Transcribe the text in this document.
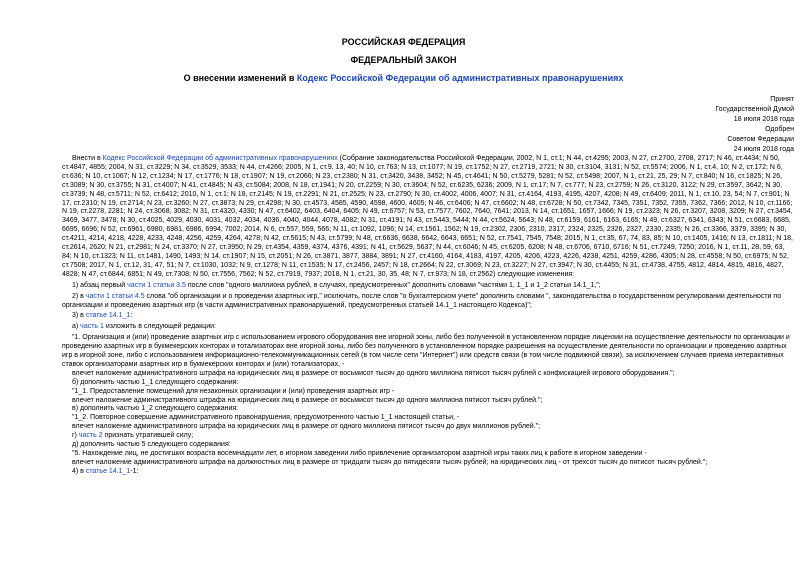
РОССИЙСКАЯ ФЕДЕРАЦИЯ
ФЕДЕРАЛЬНЫЙ ЗАКОН
О внесении изменений в Кодекс Российской Федерации об административных правонарушениях
Принят
Государственной Думой
18 июля 2018 года
Одобрен
Советом Федерации
24 июля 2018 года

Внести в Кодекс Российской Федерации об административных правонарушениях (Собрание законодательства Российской Федерации, 2002, N 1, ст.1; N 44, ст.4295; 2003, N 27, ст.2700, 2708, 2717; N 46, ст.4434; N 50, ст.4847, 4855; 2004, N 31, ст.3229; N 34, ст.3529, 3533; N 44, ст.4266; 2005, N 1, ст.9, 13, 40; N 10, ст.763; N 13, ст.1077; N 19, ст.1752; N 27, ст.2719, 2721; N 30, ст.3104, 3131; N 52, ст.5574; 2006, N 1, ст.4, 10; N 2, ст.172; N 6, ст.636; N 10, ст.1067; N 12, ст.1234; N 17, ст.1776; N 18, ст.1907; N 19, ст.2066; N 23, ст.2380; N 31, ст.3420, 3438, 3452; N 45, ст.4641; N 50, ст.5279, 5281; N 52, ст.5498; 2007, N 1, ст.21, 25, 29; N 7, ст.840; N 16, ст.1825; N 26, ст.3089; N 30, ст.3755; N 31, ст.4007; N 41, ст.4845; N 43, ст.5084; 2008, N 18, ст.1941; N 20, ст.2259; N 30, ст.3604; N 52, ст.6235, 6236; 2009, N 1, ст.17; N 7, ст.777; N 23, ст.2759; N 26, ст.3120, 3122; N 29, ст.3597, 3642; N 30, ст.3739; N 48, ст.5711; N 52, ст.6412; 2010, N 1, ст.1; N 18, ст.2145; N 19, ст.2291; N 21, ст.2525; N 23, ст.2790; N 30, ст.4002, 4006, 4007; N 31, ст.4164, 4193, 4195, 4207, 4208; N 49, ст.6409; 2011, N 1, ст.10, 23, 54; N 7, ст.901; N 17, ст.2310; N 19, ст.2714; N 23, ст.3260; N 27, ст.3873; N 29, ст.4298; N 30, ст.4573, 4585, 4590, 4598, 4600, 4605; N 46, ст.6406; N 47, ст.6602; N 48, ст.6728; N 50, ст.7342, 7345, 7351, 7352, 7355, 7362, 7366; 2012, N 10, ст.1166; N 19, ст.2278, 2281; N 24, ст.3068, 3082; N 31, ст.4320, 4330; N 47, ст.6402, 6403, 6404, 6405; N 49, ст.6757; N 53, ст.7577, 7602, 7640, 7641; 2013, N 14, ст.1651, 1657, 1666; N 19, ст.2323; N 26, ст.3207, 3208, 3209; N 27, ст.3454, 3469, 3477, 3478; N 30, ст.4025, 4029, 4030, 4031, 4032, 4034, 4036, 4040, 4044, 4078, 4082; N 31, ст.4191; N 43, ст.5443, 5444; N 44, ст.5624, 5643; N 48, ст.6159, 6161, 6163, 6165; N 49, ст.6327, 6341, 6343; N 51, ст.6683, 6685, 6695, 6696; N 52, ст.6961, 6980, 6981, 6986, 6994, 7002; 2014, N 6, ст.557, 559, 566; N 11, ст.1092, 1096; N 14, ст.1561, 1562; N 19, ст.2302, 2306, 2310, 2317, 2324, 2325, 2326, 2327, 2330, 2335; N 26, ст.3366, 3379, 3395; N 30, ст.4211, 4214, 4218, 4228, 4233, 4248, 4256, 4259, 4264, 4278; N 42, ст.5615; N 43, ст.5799; N 48, ст.6636, 6638, 6642, 6643, 6651; N 52, ст.7541, 7545, 7548; 2015, N 1, ст.35, 67, 74, 83, 85; N 10, ст.1405, 1416; N 13, ст.1811; N 18, ст.2614, 2620; N 21, ст.2981; N 24, ст.3370; N 27, ст.3950; N 29, ст.4354, 4359, 4374, 4376, 4391; N 41, ст.5629, 5637; N 44, ст.6046; N 45, ст.6205, 6208; N 48, ст.6706, 6710, 6716; N 51, ст.7249, 7250; 2016, N 1, ст.11, 28, 59, 63, 84; N 10, ст.1323; N 11, ст.1481, 1490, 1493; N 14, ст.1907; N 15, ст.2051; N 26, ст.3871, 3877, 3884, 3891; N 27, ст.4160, 4164, 4183, 4197, 4205, 4206, 4223, 4226, 4238, 4251, 4259, 4286, 4305; N 28, ст.4558; N 50, ст.6975; N 52, ст.7508; 2017, N 1, ст.12, 31, 47, 51; N 7, ст.1030, 1032; N 9, ст.1278; N 11, ст.1535; N 17, ст.2456, 2457; N 18, ст.2664; N 22, ст.3069; N 23, ст.3227; N 27, ст.3947; N 30, ст.4455; N 31, ст.4738, 4755, 4812, 4814, 4815, 4816, 4827, 4828; N 47, ст.6844, 6851; N 49, ст.7308; N 50, ст.7556, 7562; N 52, ст.7919, 7937; 2018, N 1, ст.21, 30, 35, 48; N 7, ст.973; N 18, ст.2562) следующие изменения:

1) абзац первый части 1 статьи 3.5 после слов "одного миллиона рублей, в случаях, предусмотренных" дополнить словами "частями 1, 1_1 и 1_2 статьи 14.1_1,";

2) в части 1 статьи 4.5 слова "об организации и о проведении азартных игр," исключить, после слов "о бухгалтерском учете" дополнить словами ", законодательства о государственном регулировании деятельности по организации и проведению азартных игр (в части административных правонарушений, предусмотренных статьей 14.1_1 настоящего Кодекса)";

3) в статье 14.1_1:

а) часть 1 изложить в следующей редакции:

"1. Организация и (или) проведение азартных игр с использованием игрового оборудования вне игорной зоны, либо без полученной в установленном порядке лицензии на осуществление деятельности по организации и проведению азартных игр в букмекерских конторах и тотализаторах вне игорной зоны, либо без полученного в установленном порядке разрешения на осуществление деятельности по организации и проведению азартных игр в игорной зоне, либо с использованием информационно-телекоммуникационных сетей (в том числе сети "Интернет") или средств связи (в том числе подвижной связи), за исключением случаев приема интерактивных ставок организаторами азартных игр в букмекерских конторах и (или) тотализаторах, -

влечет наложение административного штрафа на юридических лиц в размере от восьмисот тысяч до одного миллиона пятисот тысяч рублей с конфискацией игрового оборудования.";

б) дополнить частью 1_1 следующего содержания:

"1_1. Предоставление помещений для незаконных организации и (или) проведения азартных игр -

влечет наложение административного штрафа на юридических лиц в размере от восьмисот тысяч до одного миллиона пятисот тысяч рублей.";

в) дополнить частью 1_2 следующего содержания:

"1_2. Повторное совершение административного правонарушения, предусмотренного частью 1_1 настоящей статьи, -

влечет наложение административного штрафа на юридических лиц в размере от одного миллиона пятисот тысяч до двух миллионов рублей.";

г) часть 2 признать утратившей силу;

д) дополнить частью 5 следующего содержания:

"5. Нахождение лиц, не достигших возраста восемнадцати лет, в игорном заведении либо привлечение организатором азартной игры таких лиц к работе в игорном заведении -

влечет наложение административного штрафа на должностных лиц в размере от тридцати тысяч до пятидесяти тысяч рублей; на юридических лиц - от трехсот тысяч до пятисот тысяч рублей.";

4) в статье 14.1_1-1:
